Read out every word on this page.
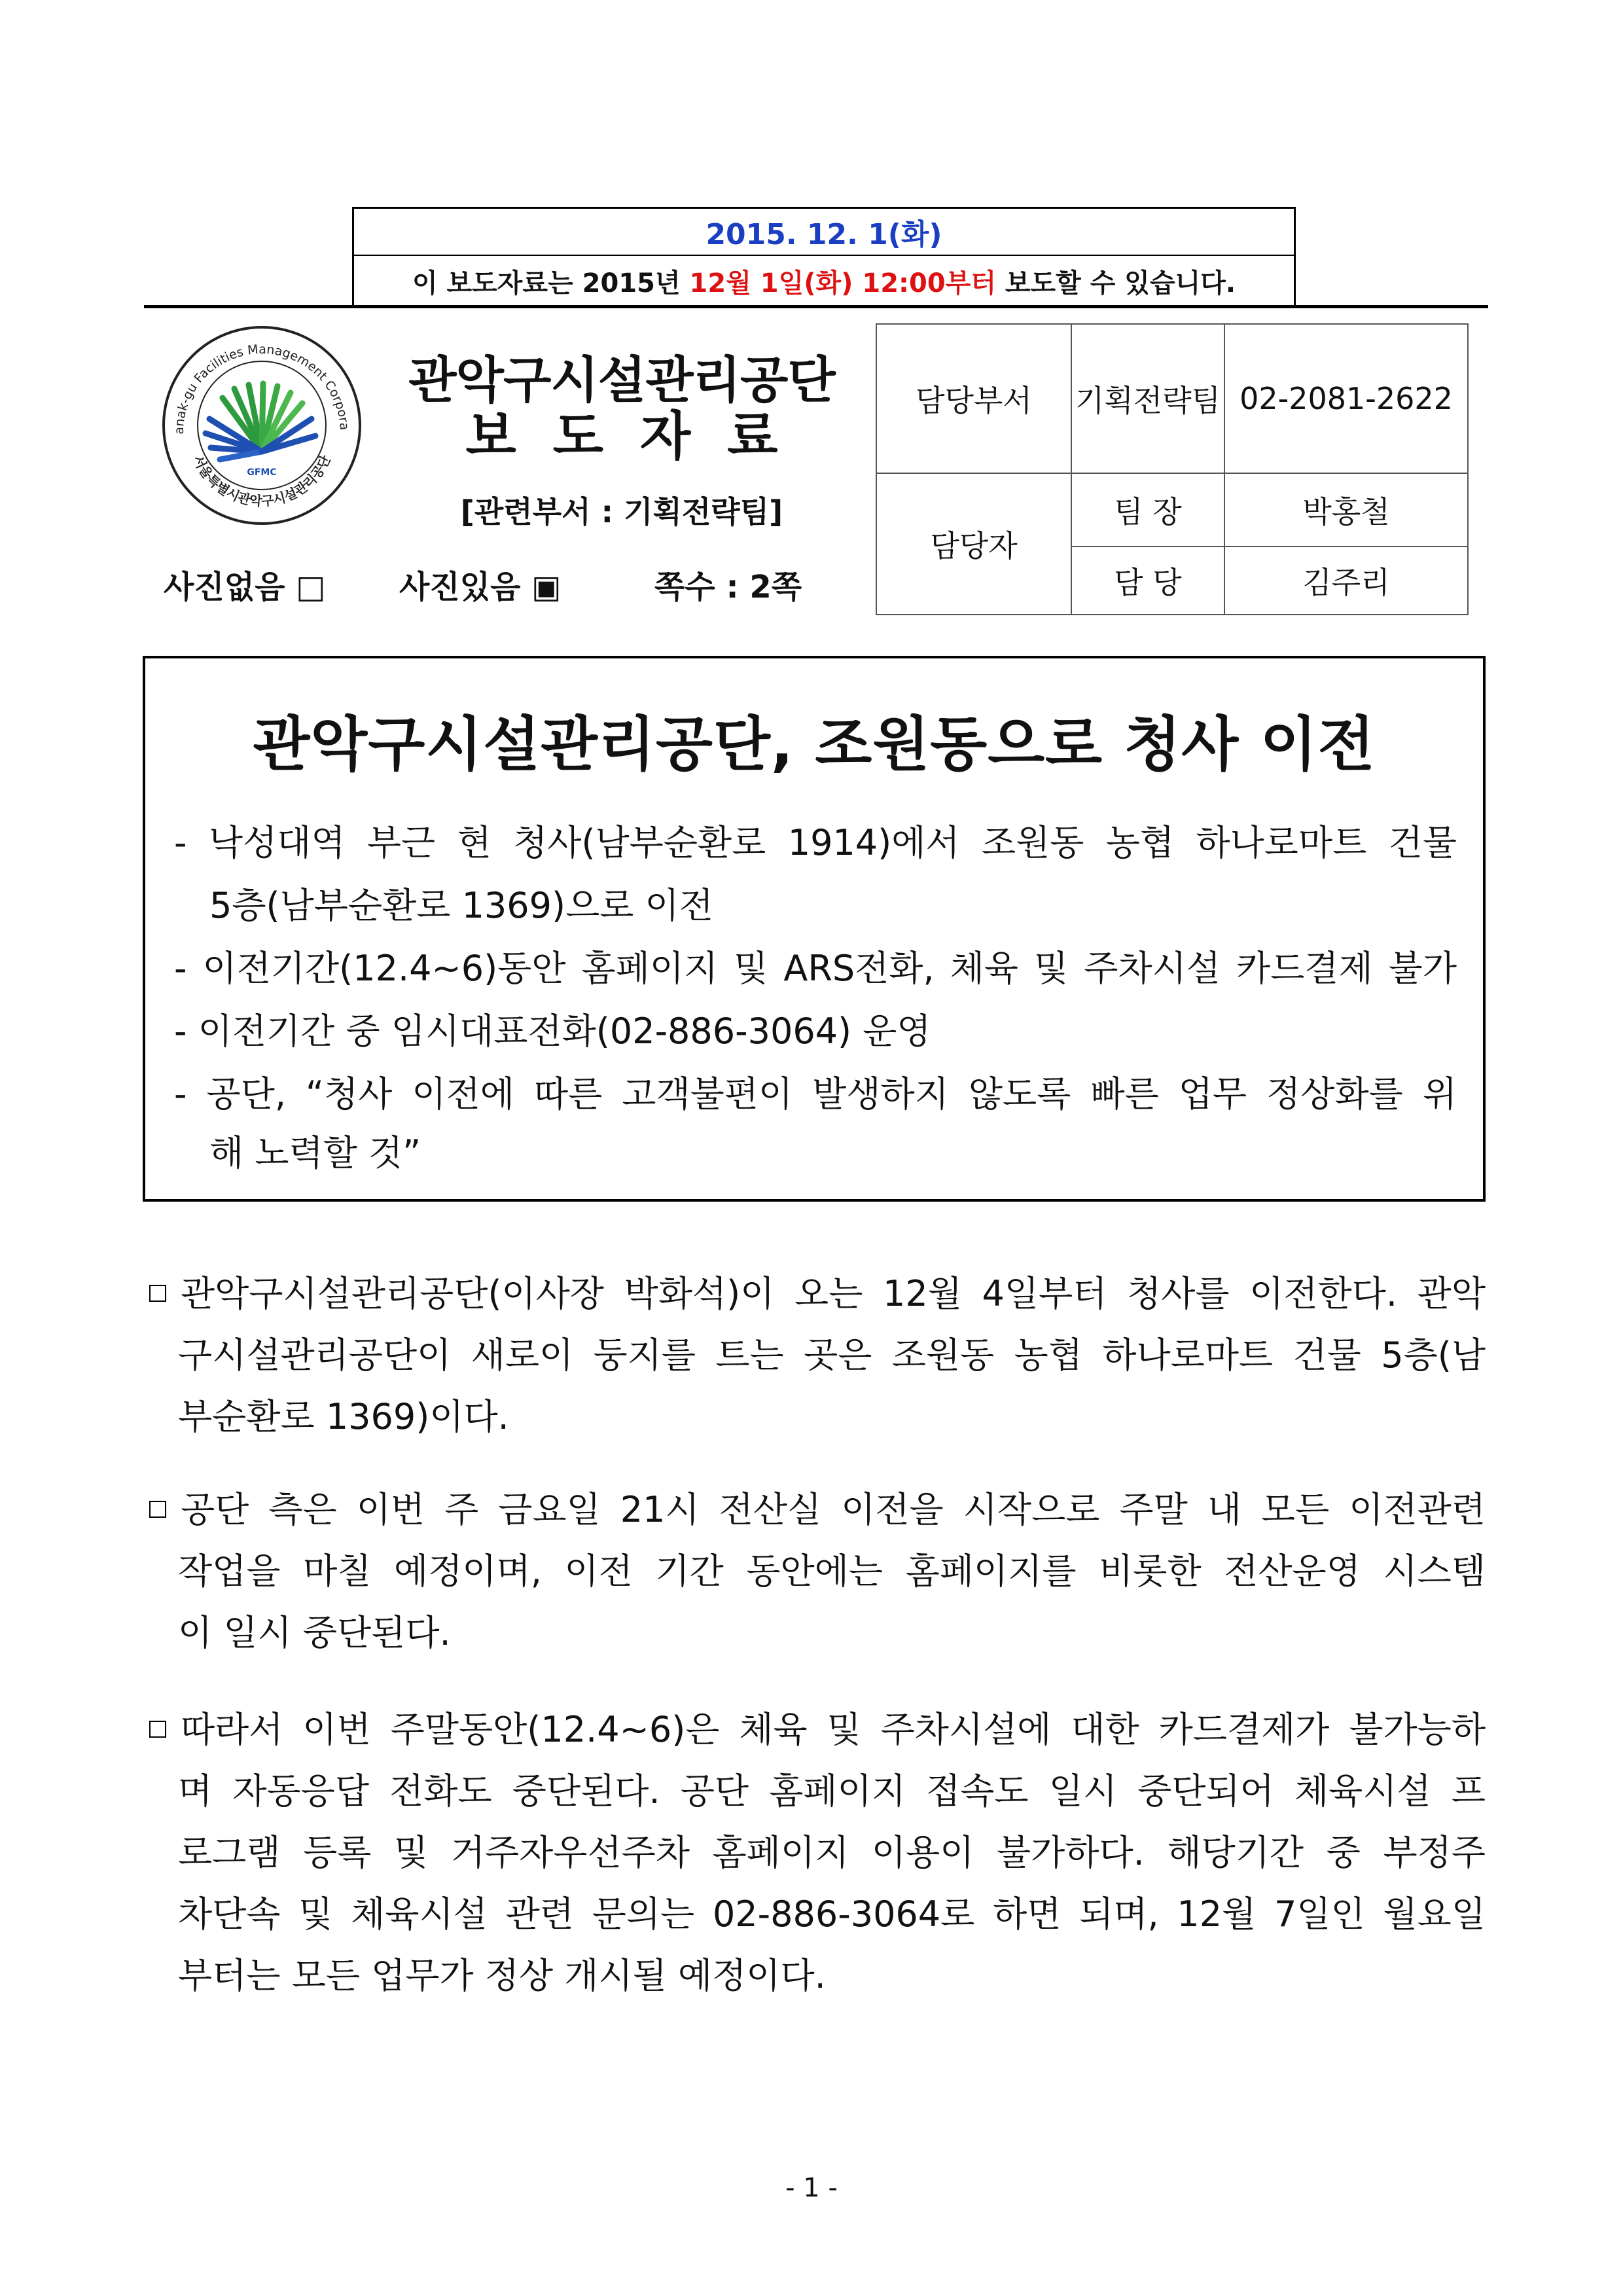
2015. 12. 1(화)
이 보도자료는 2015년 12월 1일(화) 12:00부터 보도할 수 있습니다.
GFMC
anak-gu Facilities Management Corpora
서울특별시관악구시설관리공단
관악구시설관리공단
보도자료
[관련부서 : 기획전략팀]
사진없음 □	사진있음 ▣	쪽수 : 2쪽
담당부서	기획전략팀	02-2081-2622
담당자	팀 장	박홍철
	담 당	김주리
관악구시설관리공단, 조원동으로 청사 이전
- 낙성대역 부근 현 청사(남부순환로 1914)에서 조원동 농협 하나로마트 건물
5층(남부순환로 1369)으로 이전
- 이전기간(12.4~6)동안 홈페이지 및 ARS전화, 체육 및 주차시설 카드결제 불가
- 이전기간 중 임시대표전화(02-886-3064) 운영
- 공단, “청사 이전에 따른 고객불편이 발생하지 않도록 빠른 업무 정상화를 위
해 노력할 것”
관악구시설관리공단(이사장 박화석)이 오는 12월 4일부터 청사를 이전한다. 관악
구시설관리공단이 새로이 둥지를 트는 곳은 조원동 농협 하나로마트 건물 5층(남
부순환로 1369)이다.
공단 측은 이번 주 금요일 21시 전산실 이전을 시작으로 주말 내 모든 이전관련
작업을 마칠 예정이며, 이전 기간 동안에는 홈페이지를 비롯한 전산운영 시스템
이 일시 중단된다.
따라서 이번 주말동안(12.4~6)은 체육 및 주차시설에 대한 카드결제가 불가능하
며 자동응답 전화도 중단된다. 공단 홈페이지 접속도 일시 중단되어 체육시설 프
로그램 등록 및 거주자우선주차 홈페이지 이용이 불가하다. 해당기간 중 부정주
차단속 및 체육시설 관련 문의는 02-886-3064로 하면 되며, 12월 7일인 월요일
부터는 모든 업무가 정상 개시될 예정이다.
- 1 -
